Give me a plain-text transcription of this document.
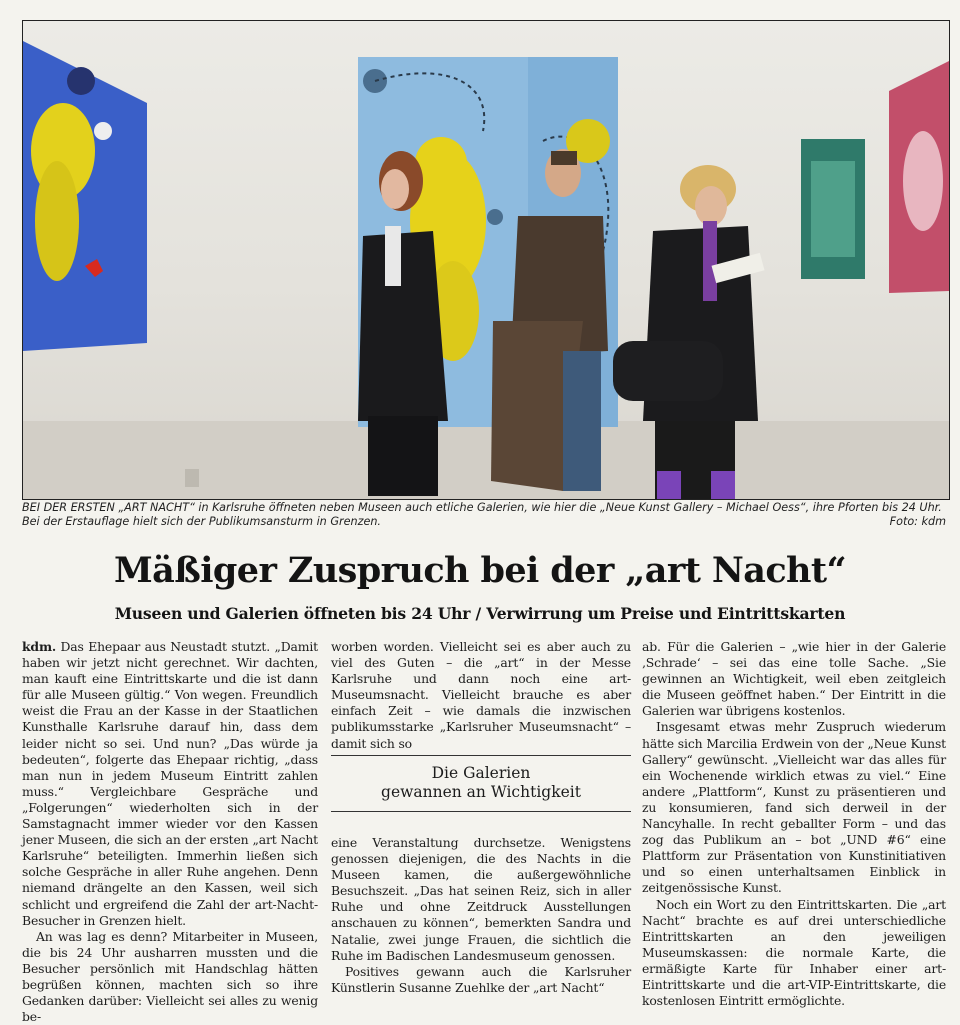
BEI DER ERSTEN „ART NACHT“ in Karlsruhe öffneten neben Museen auch etliche Galerien, wie hier die „Neue Kunst Gallery – Michael Oess“, ihre Pforten bis 24 Uhr. Bei der Erstauflage hielt sich der Publikumsansturm in Grenzen.	Foto: kdm
Mäßiger Zuspruch bei der „art Nacht“
Museen und Galerien öffneten bis 24 Uhr / Verwirrung um Preise und Eintrittskarten

kdm. Das Ehepaar aus Neustadt stutzt. „Damit haben wir jetzt nicht gerechnet. Wir dachten, man kauft eine Eintrittskarte und die ist dann für alle Museen gültig.“ Von wegen. Freundlich weist die Frau an der Kasse in der Staatlichen Kunsthalle Karlsruhe darauf hin, dass dem leider nicht so sei. Und nun? „Das würde ja bedeuten“, folgerte das Ehepaar richtig, „dass man nun in jedem Museum Eintritt zahlen muss.“ Vergleichbare Gespräche und „Folgerungen“ wiederholten sich in der Samstagnacht immer wieder vor den Kassen jener Museen, die sich an der ersten „art Nacht Karlsruhe“ beteiligten. Immerhin ließen sich solche Gespräche in aller Ruhe angehen. Denn niemand drängelte an den Kassen, weil sich schlicht und ergreifend die Zahl der art-Nacht-Besucher in Grenzen hielt.

An was lag es denn? Mitarbeiter in Museen, die bis 24 Uhr ausharren mussten und die Besucher persönlich mit Handschlag hätten begrüßen können, machten sich so ihre Gedanken darüber: Vielleicht sei alles zu wenig be-

worben worden. Vielleicht sei es aber auch zu viel des Guten – die „art“ in der Messe Karlsruhe und dann noch eine art-Museumsnacht. Vielleicht brauche es aber einfach Zeit – wie damals die inzwischen publikumsstarke „Karlsruher Museumsnacht“ – damit sich so

Die Galerien
gewannen an Wichtigkeit

eine Veranstaltung durchsetze. Wenigstens genossen diejenigen, die des Nachts in die Museen kamen, die außergewöhnliche Besuchszeit. „Das hat seinen Reiz, sich in aller Ruhe und ohne Zeitdruck Ausstellungen anschauen zu können“, bemerkten Sandra und Natalie, zwei junge Frauen, die sichtlich die Ruhe im Badischen Landesmuseum genossen.

Positives gewann auch die Karlsruher Künstlerin Susanne Zuehlke der „art Nacht“

ab. Für die Galerien – „wie hier in der Galerie ‚Schrade‘ – sei das eine tolle Sache. „Sie gewinnen an Wichtigkeit, weil eben zeitgleich die Museen geöffnet haben.“ Der Eintritt in die Galerien war übrigens kostenlos.

Insgesamt etwas mehr Zuspruch wiederum hätte sich Marcilia Erdwein von der „Neue Kunst Gallery“ gewünscht. „Vielleicht war das alles für ein Wochenende wirklich etwas zu viel.“ Eine andere „Plattform“, Kunst zu präsentieren und zu konsumieren, fand sich derweil in der Nancyhalle. In recht geballter Form – und das zog das Publikum an – bot „UND #6“ eine Plattform zur Präsentation von Kunstinitiativen und so einen unterhaltsamen Einblick in zeitgenössische Kunst.

Noch ein Wort zu den Eintrittskarten. Die „art Nacht“ brachte es auf drei unterschiedliche Eintrittskarten an den jeweiligen Museumskassen: die normale Karte, die ermäßigte Karte für Inhaber einer art-Eintrittskarte und die art-VIP-Eintrittskarte, die kostenlosen Eintritt ermöglichte.
